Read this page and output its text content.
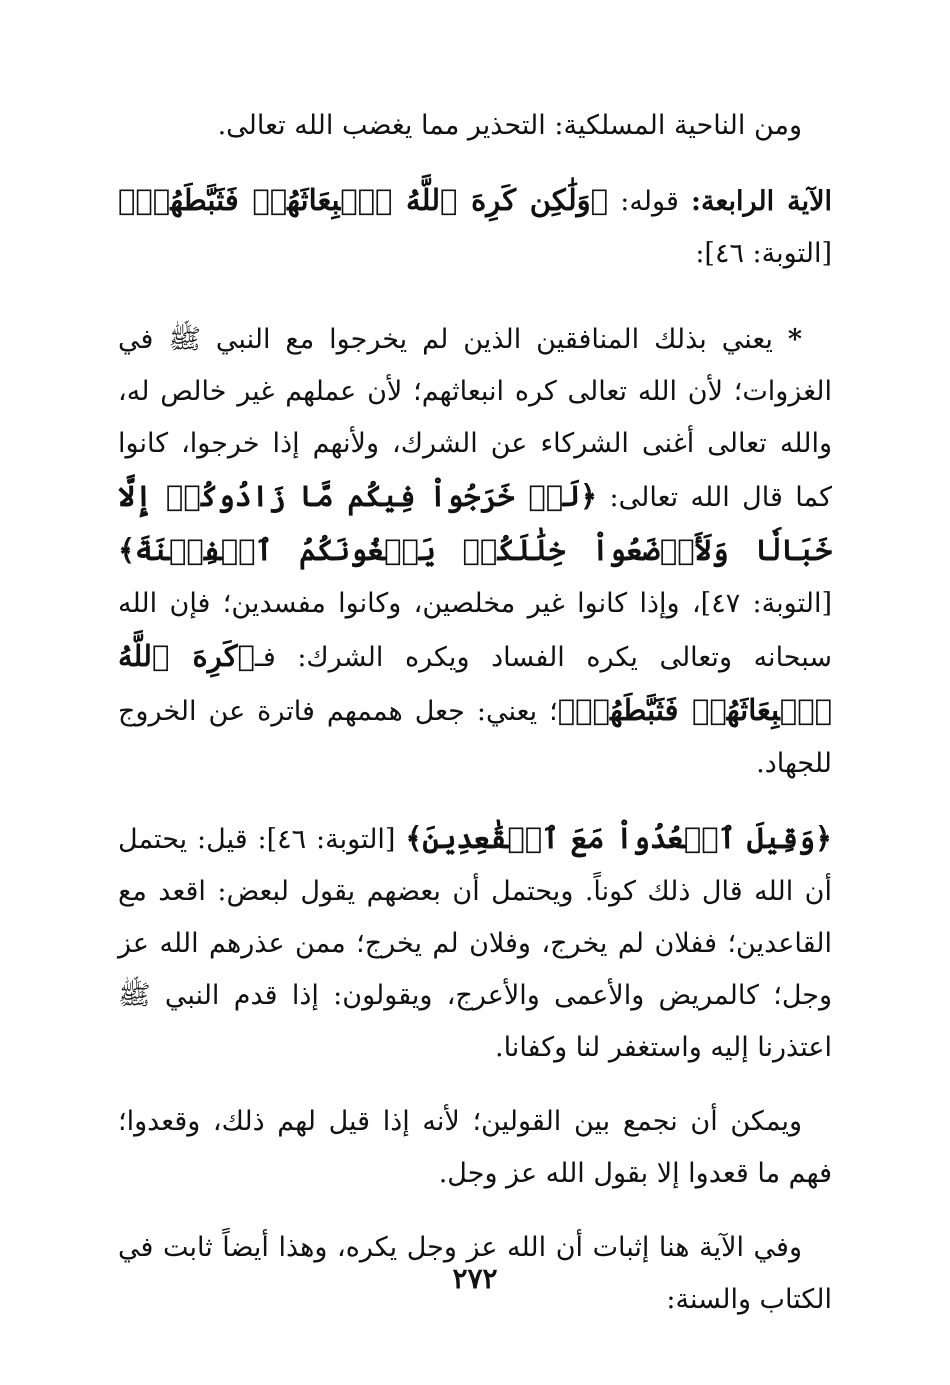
ومن الناحية المسلكية: التحذير مما يغضب الله تعالى.

الآية الرابعة: قوله: ﴿وَلَٰكِن كَرِهَ ٱللَّهُ ٱنۢبِعَاثَهُمۡ فَثَبَّطَهُمۡ﴾ [التوبة: ٤٦]:

* يعني بذلك المنافقين الذين لم يخرجوا مع النبي ﷺ في الغزوات؛ لأن الله تعالى كره انبعاثهم؛ لأن عملهم غير خالص له، والله تعالى أغنى الشركاء عن الشرك، ولأنهم إذا خرجوا، كانوا كما قال الله تعالى: ﴿لَوۡ خَرَجُواْ فِيكُم مَّا زَادُوكُمۡ إِلَّا خَبَالٗا وَلَأَوۡضَعُواْ خِلَٰلَكُمۡ يَبۡغُونَكُمُ ٱلۡفِتۡنَةَ﴾ [التوبة: ٤٧]، وإذا كانوا غير مخلصين، وكانوا مفسدين؛ فإن الله سبحانه وتعالى يكره الفساد ويكره الشرك: فـ﴿كَرِهَ ٱللَّهُ ٱنۢبِعَاثَهُمۡ فَثَبَّطَهُمۡ﴾؛ يعني: جعل هممهم فاترة عن الخروج للجهاد.

﴿وَقِيلَ ٱقۡعُدُواْ مَعَ ٱلۡقَٰعِدِينَ﴾ [التوبة: ٤٦]: قيل: يحتمل أن الله قال ذلك كوناً. ويحتمل أن بعضهم يقول لبعض: اقعد مع القاعدين؛ ففلان لم يخرج، وفلان لم يخرج؛ ممن عذرهم الله عز وجل؛ كالمريض والأعمى والأعرج، ويقولون: إذا قدم النبي ﷺ اعتذرنا إليه واستغفر لنا وكفانا.

ويمكن أن نجمع بين القولين؛ لأنه إذا قيل لهم ذلك، وقعدوا؛ فهم ما قعدوا إلا بقول الله عز وجل.

وفي الآية هنا إثبات أن الله عز وجل يكره، وهذا أيضاً ثابت في الكتاب والسنة:

٢٧٢
